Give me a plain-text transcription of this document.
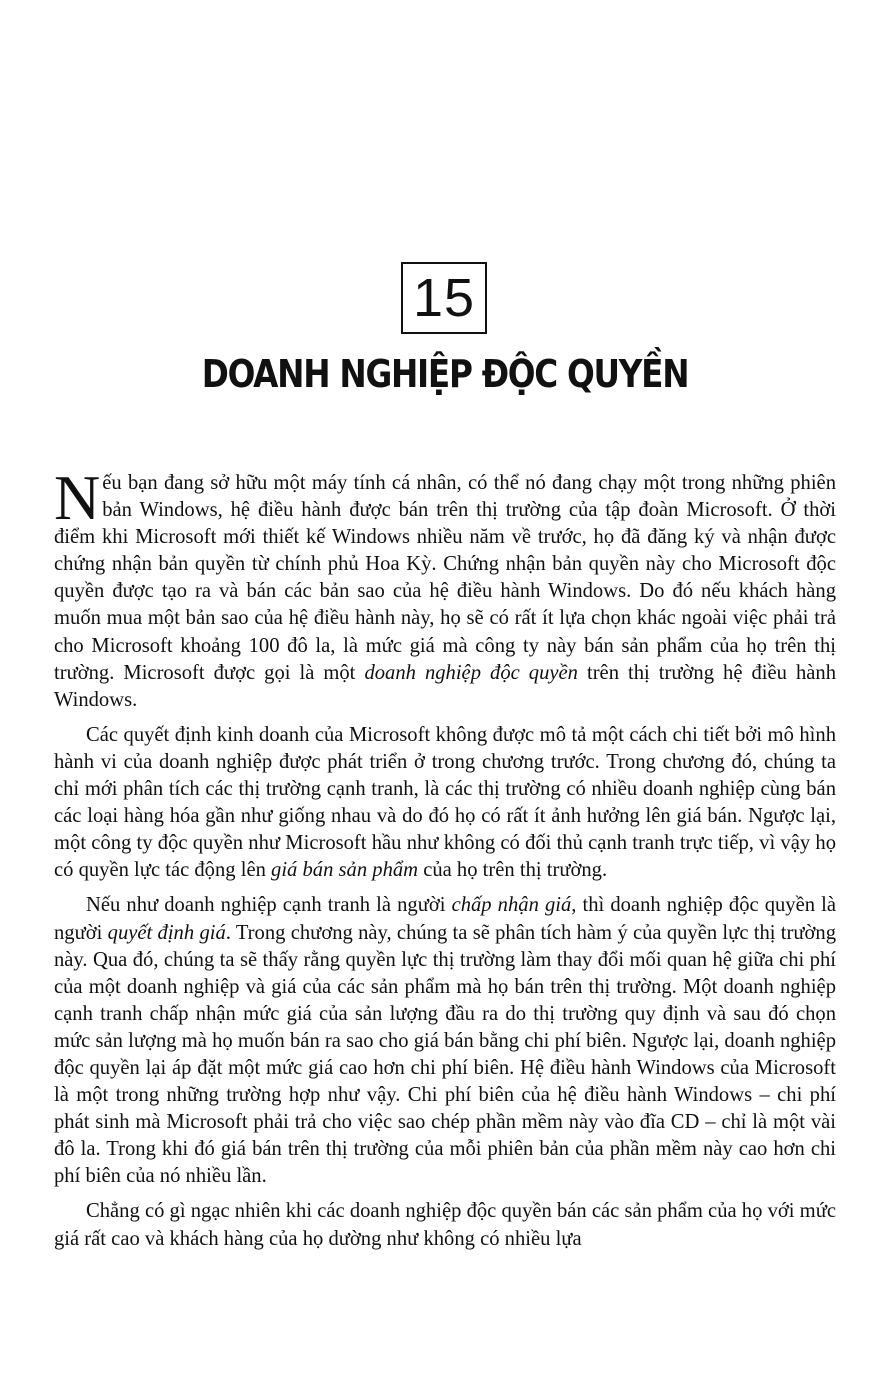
15
DOANH NGHIỆP ĐỘC QUYỀN

Nếu bạn đang sở hữu một máy tính cá nhân, có thể nó đang chạy một trong những phiên bản Windows, hệ điều hành được bán trên thị trường của tập đoàn Microsoft. Ở thời điểm khi Microsoft mới thiết kế Windows nhiều năm về trước, họ đã đăng ký và nhận được chứng nhận bản quyền từ chính phủ Hoa Kỳ. Chứng nhận bản quyền này cho Microsoft độc quyền được tạo ra và bán các bản sao của hệ điều hành Windows. Do đó nếu khách hàng muốn mua một bản sao của hệ điều hành này, họ sẽ có rất ít lựa chọn khác ngoài việc phải trả cho Microsoft khoảng 100 đô la, là mức giá mà công ty này bán sản phẩm của họ trên thị trường. Microsoft được gọi là một doanh nghiệp độc quyền trên thị trường hệ điều hành Windows.

Các quyết định kinh doanh của Microsoft không được mô tả một cách chi tiết bởi mô hình hành vi của doanh nghiệp được phát triển ở trong chương trước. Trong chương đó, chúng ta chỉ mới phân tích các thị trường cạnh tranh, là các thị trường có nhiều doanh nghiệp cùng bán các loại hàng hóa gần như giống nhau và do đó họ có rất ít ảnh hưởng lên giá bán. Ngược lại, một công ty độc quyền như Microsoft hầu như không có đối thủ cạnh tranh trực tiếp, vì vậy họ có quyền lực tác động lên giá bán sản phẩm của họ trên thị trường.

Nếu như doanh nghiệp cạnh tranh là người chấp nhận giá, thì doanh nghiệp độc quyền là người quyết định giá. Trong chương này, chúng ta sẽ phân tích hàm ý của quyền lực thị trường này. Qua đó, chúng ta sẽ thấy rằng quyền lực thị trường làm thay đổi mối quan hệ giữa chi phí của một doanh nghiệp và giá của các sản phẩm mà họ bán trên thị trường. Một doanh nghiệp cạnh tranh chấp nhận mức giá của sản lượng đầu ra do thị trường quy định và sau đó chọn mức sản lượng mà họ muốn bán ra sao cho giá bán bằng chi phí biên. Ngược lại, doanh nghiệp độc quyền lại áp đặt một mức giá cao hơn chi phí biên. Hệ điều hành Windows của Microsoft là một trong những trường hợp như vậy. Chi phí biên của hệ điều hành Windows – chi phí phát sinh mà Microsoft phải trả cho việc sao chép phần mềm này vào đĩa CD – chỉ là một vài đô la. Trong khi đó giá bán trên thị trường của mỗi phiên bản của phần mềm này cao hơn chi phí biên của nó nhiều lần.

Chẳng có gì ngạc nhiên khi các doanh nghiệp độc quyền bán các sản phẩm của họ với mức giá rất cao và khách hàng của họ dường như không có nhiều lựa
